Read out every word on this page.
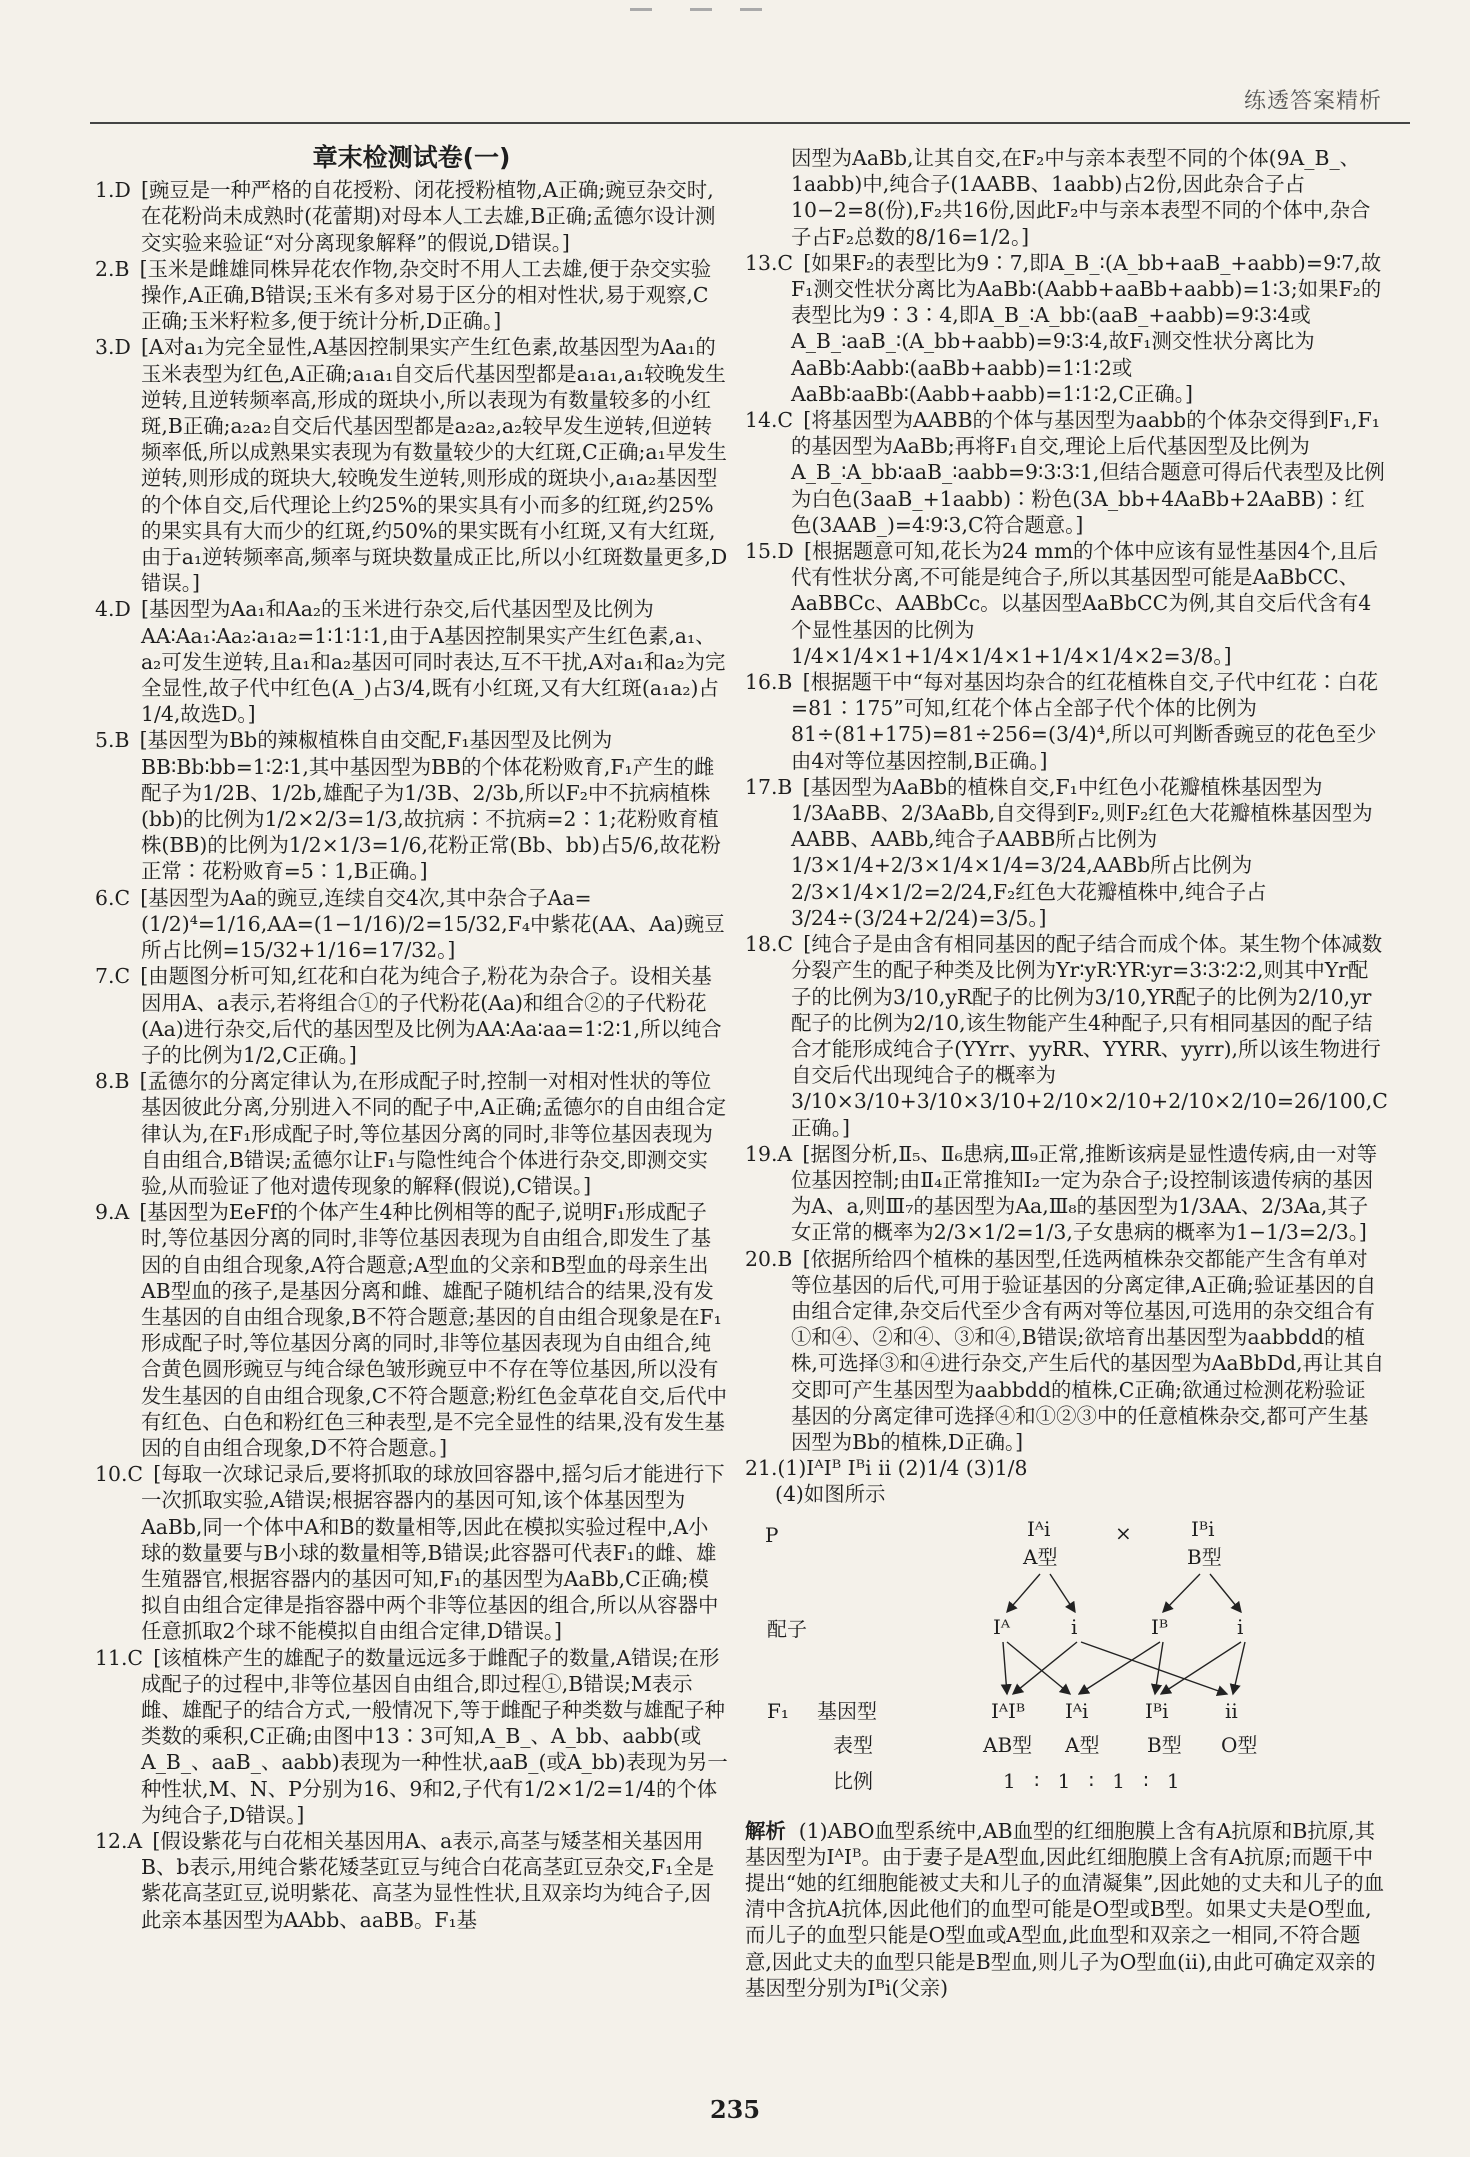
练透答案精析
章末检测试卷(一)

1.D  [豌豆是一种严格的自花授粉、闭花授粉植物,A正确;豌豆杂交时,在花粉尚未成熟时(花蕾期)对母本人工去雄,B正确;孟德尔设计测交实验来验证“对分离现象解释”的假说,D错误。]

2.B  [玉米是雌雄同株异花农作物,杂交时不用人工去雄,便于杂交实验操作,A正确,B错误;玉米有多对易于区分的相对性状,易于观察,C正确;玉米籽粒多,便于统计分析,D正确。]

3.D  [A对a₁为完全显性,A基因控制果实产生红色素,故基因型为Aa₁的玉米表型为红色,A正确;a₁a₁自交后代基因型都是a₁a₁,a₁较晚发生逆转,且逆转频率高,形成的斑块小,所以表现为有数量较多的小红斑,B正确;a₂a₂自交后代基因型都是a₂a₂,a₂较早发生逆转,但逆转频率低,所以成熟果实表现为有数量较少的大红斑,C正确;a₁早发生逆转,则形成的斑块大,较晚发生逆转,则形成的斑块小,a₁a₂基因型的个体自交,后代理论上约25%的果实具有小而多的红斑,约25%的果实具有大而少的红斑,约50%的果实既有小红斑,又有大红斑,由于a₁逆转频率高,频率与斑块数量成正比,所以小红斑数量更多,D错误。]

4.D  [基因型为Aa₁和Aa₂的玉米进行杂交,后代基因型及比例为AA∶Aa₁∶Aa₂∶a₁a₂=1∶1∶1∶1,由于A基因控制果实产生红色素,a₁、a₂可发生逆转,且a₁和a₂基因可同时表达,互不干扰,A对a₁和a₂为完全显性,故子代中红色(A_)占3/4,既有小红斑,又有大红斑(a₁a₂)占1/4,故选D。]

5.B  [基因型为Bb的辣椒植株自由交配,F₁基因型及比例为BB∶Bb∶bb=1∶2∶1,其中基因型为BB的个体花粉败育,F₁产生的雌配子为1/2B、1/2b,雄配子为1/3B、2/3b,所以F₂中不抗病植株(bb)的比例为1/2×2/3=1/3,故抗病∶不抗病=2∶1;花粉败育植株(BB)的比例为1/2×1/3=1/6,花粉正常(Bb、bb)占5/6,故花粉正常∶花粉败育=5∶1,B正确。]

6.C  [基因型为Aa的豌豆,连续自交4次,其中杂合子Aa=(1/2)⁴=1/16,AA=(1−1/16)/2=15/32,F₄中紫花(AA、Aa)豌豆所占比例=15/32+1/16=17/32。]

7.C  [由题图分析可知,红花和白花为纯合子,粉花为杂合子。设相关基因用A、a表示,若将组合①的子代粉花(Aa)和组合②的子代粉花(Aa)进行杂交,后代的基因型及比例为AA∶Aa∶aa=1∶2∶1,所以纯合子的比例为1/2,C正确。]

8.B  [孟德尔的分离定律认为,在形成配子时,控制一对相对性状的等位基因彼此分离,分别进入不同的配子中,A正确;孟德尔的自由组合定律认为,在F₁形成配子时,等位基因分离的同时,非等位基因表现为自由组合,B错误;孟德尔让F₁与隐性纯合个体进行杂交,即测交实验,从而验证了他对遗传现象的解释(假说),C错误。]

9.A  [基因型为EeFf的个体产生4种比例相等的配子,说明F₁形成配子时,等位基因分离的同时,非等位基因表现为自由组合,即发生了基因的自由组合现象,A符合题意;A型血的父亲和B型血的母亲生出AB型血的孩子,是基因分离和雌、雄配子随机结合的结果,没有发生基因的自由组合现象,B不符合题意;基因的自由组合现象是在F₁形成配子时,等位基因分离的同时,非等位基因表现为自由组合,纯合黄色圆形豌豆与纯合绿色皱形豌豆中不存在等位基因,所以没有发生基因的自由组合现象,C不符合题意;粉红色金草花自交,后代中有红色、白色和粉红色三种表型,是不完全显性的结果,没有发生基因的自由组合现象,D不符合题意。]

10.C  [每取一次球记录后,要将抓取的球放回容器中,摇匀后才能进行下一次抓取实验,A错误;根据容器内的基因可知,该个体基因型为AaBb,同一个体中A和B的数量相等,因此在模拟实验过程中,A小球的数量要与B小球的数量相等,B错误;此容器可代表F₁的雌、雄生殖器官,根据容器内的基因可知,F₁的基因型为AaBb,C正确;模拟自由组合定律是指容器中两个非等位基因的组合,所以从容器中任意抓取2个球不能模拟自由组合定律,D错误。]

11.C  [该植株产生的雄配子的数量远远多于雌配子的数量,A错误;在形成配子的过程中,非等位基因自由组合,即过程①,B错误;M表示雌、雄配子的结合方式,一般情况下,等于雌配子种类数与雄配子种类数的乘积,C正确;由图中13∶3可知,A_B_、A_bb、aabb(或A_B_、aaB_、aabb)表现为一种性状,aaB_(或A_bb)表现为另一种性状,M、N、P分别为16、9和2,子代有1/2×1/2=1/4的个体为纯合子,D错误。]

12.A  [假设紫花与白花相关基因用A、a表示,高茎与矮茎相关基因用B、b表示,用纯合紫花矮茎豇豆与纯合白花高茎豇豆杂交,F₁全是紫花高茎豇豆,说明紫花、高茎为显性性状,且双亲均为纯合子,因此亲本基因型为AAbb、aaBB。F₁基

因型为AaBb,让其自交,在F₂中与亲本表型不同的个体(9A_B_、1aabb)中,纯合子(1AABB、1aabb)占2份,因此杂合子占10−2=8(份),F₂共16份,因此F₂中与亲本表型不同的个体中,杂合子占F₂总数的8/16=1/2。]

13.C  [如果F₂的表型比为9∶7,即A_B_∶(A_bb+aaB_+aabb)=9∶7,故F₁测交性状分离比为AaBb∶(Aabb+aaBb+aabb)=1∶3;如果F₂的表型比为9∶3∶4,即A_B_∶A_bb∶(aaB_+aabb)=9∶3∶4或A_B_∶aaB_∶(A_bb+aabb)=9∶3∶4,故F₁测交性状分离比为AaBb∶Aabb∶(aaBb+aabb)=1∶1∶2或AaBb∶aaBb∶(Aabb+aabb)=1∶1∶2,C正确。]

14.C  [将基因型为AABB的个体与基因型为aabb的个体杂交得到F₁,F₁的基因型为AaBb;再将F₁自交,理论上后代基因型及比例为A_B_∶A_bb∶aaB_∶aabb=9∶3∶3∶1,但结合题意可得后代表型及比例为白色(3aaB_+1aabb)∶粉色(3A_bb+4AaBb+2AaBB)∶红色(3AAB_)=4∶9∶3,C符合题意。]

15.D  [根据题意可知,花长为24 mm的个体中应该有显性基因4个,且后代有性状分离,不可能是纯合子,所以其基因型可能是AaBbCC、AaBBCc、AABbCc。以基因型AaBbCC为例,其自交后代含有4个显性基因的比例为1/4×1/4×1+1/4×1/4×1+1/4×1/4×2=3/8。]

16.B  [根据题干中“每对基因均杂合的红花植株自交,子代中红花∶白花=81∶175”可知,红花个体占全部子代个体的比例为81÷(81+175)=81÷256=(3/4)⁴,所以可判断香豌豆的花色至少由4对等位基因控制,B正确。]

17.B  [基因型为AaBb的植株自交,F₁中红色小花瓣植株基因型为1/3AaBB、2/3AaBb,自交得到F₂,则F₂红色大花瓣植株基因型为AABB、AABb,纯合子AABB所占比例为1/3×1/4+2/3×1/4×1/4=3/24,AABb所占比例为2/3×1/4×1/2=2/24,F₂红色大花瓣植株中,纯合子占3/24÷(3/24+2/24)=3/5。]

18.C  [纯合子是由含有相同基因的配子结合而成个体。某生物个体减数分裂产生的配子种类及比例为Yr∶yR∶YR∶yr=3∶3∶2∶2,则其中Yr配子的比例为3/10,yR配子的比例为3/10,YR配子的比例为2/10,yr配子的比例为2/10,该生物能产生4种配子,只有相同基因的配子结合才能形成纯合子(YYrr、yyRR、YYRR、yyrr),所以该生物进行自交后代出现纯合子的概率为3/10×3/10+3/10×3/10+2/10×2/10+2/10×2/10=26/100,C正确。]

19.A  [据图分析,Ⅱ₅、Ⅱ₆患病,Ⅲ₉正常,推断该病是显性遗传病,由一对等位基因控制;由Ⅱ₄正常推知Ⅰ₂一定为杂合子;设控制该遗传病的基因为A、a,则Ⅲ₇的基因型为Aa,Ⅲ₈的基因型为1/3AA、2/3Aa,其子女正常的概率为2/3×1/2=1/3,子女患病的概率为1−1/3=2/3。]

20.B  [依据所给四个植株的基因型,任选两植株杂交都能产生含有单对等位基因的后代,可用于验证基因的分离定律,A正确;验证基因的自由组合定律,杂交后代至少含有两对等位基因,可选用的杂交组合有①和④、②和④、③和④,B错误;欲培育出基因型为aabbdd的植株,可选择③和④进行杂交,产生后代的基因型为AaBbDd,再让其自交即可产生基因型为aabbdd的植株,C正确;欲通过检测花粉验证基因的分离定律可选择④和①②③中的任意植株杂交,都可产生基因型为Bb的植株,D正确。]

21.(1)IᴬIᴮ Iᴮi ii (2)1/4 (3)1/8

(4)如图所示

P	Iᴬi	×	Iᴮi
A型	B型
配子	Iᴬ	i	Iᴮ	i
F₁ 基因型	IᴬIᴮ Iᴬi	Iᴮi	ii
表型	AB型 A型 B型 O型
比例	1 ∶ 1 ∶ 1 ∶ 1

解析 (1)ABO血型系统中,AB血型的红细胞膜上含有A抗原和B抗原,其基因型为IᴬIᴮ。由于妻子是A型血,因此红细胞膜上含有A抗原;而题干中提出“她的红细胞能被丈夫和儿子的血清凝集”,因此她的丈夫和儿子的血清中含抗A抗体,因此他们的血型可能是O型或B型。如果丈夫是O型血,而儿子的血型只能是O型血或A型血,此血型和双亲之一相同,不符合题意,因此丈夫的血型只能是B型血,则儿子为O型血(ii),由此可确定双亲的基因型分别为Iᴮi(父亲)

235
